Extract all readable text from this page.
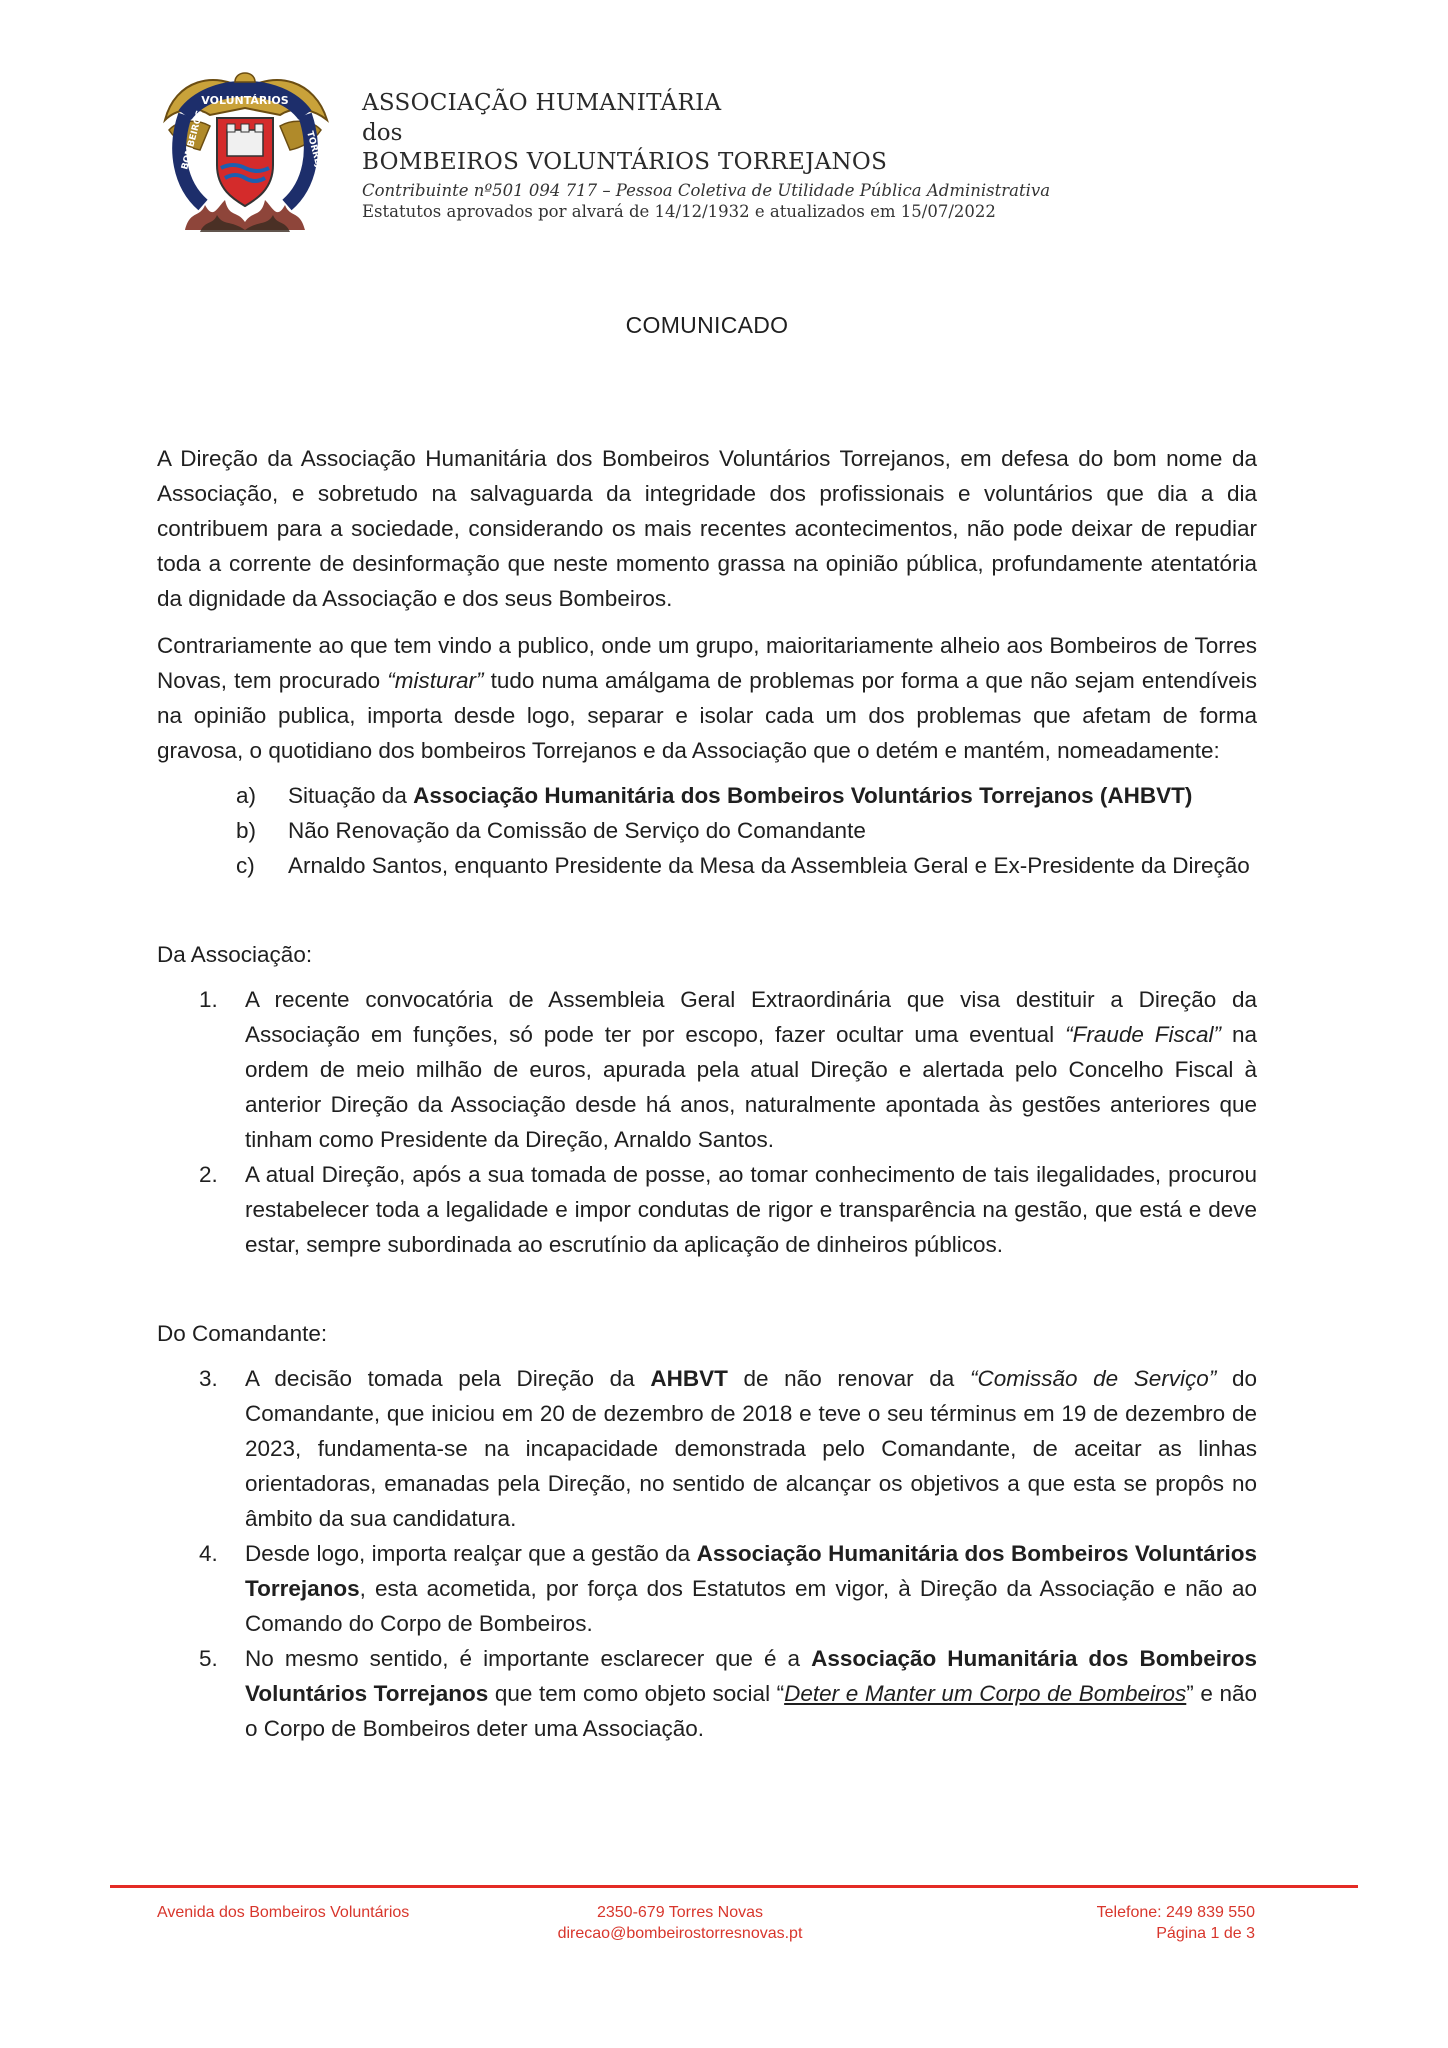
VOLUNTÁRIOS
BOMBEIROS	TORREJANOS
ASSOCIAÇÃO HUMANITÁRIA
dos
BOMBEIROS VOLUNTÁRIOS TORREJANOS
Contribuinte nº501 094 717 – Pessoa Coletiva de Utilidade Pública Administrativa
Estatutos aprovados por alvará de 14/12/1932 e atualizados em 15/07/2022
COMUNICADO

A Direção da Associação Humanitária dos Bombeiros Voluntários Torrejanos, em defesa do bom nome da Associação, e sobretudo na salvaguarda da integridade dos profissionais e voluntários que dia a dia contribuem para a sociedade, considerando os mais recentes acontecimentos, não pode deixar de repudiar toda a corrente de desinformação que neste momento grassa na opinião pública, profundamente atentatória da dignidade da Associação e dos seus Bombeiros.

Contrariamente ao que tem vindo a publico, onde um grupo, maioritariamente alheio aos Bombeiros de Torres Novas, tem procurado “misturar” tudo numa amálgama de problemas por forma a que não sejam entendíveis na opinião publica, importa desde logo, separar e isolar cada um dos problemas que afetam de forma gravosa, o quotidiano dos bombeiros Torrejanos e da Associação que o detém e mantém, nomeadamente:

a) Situação da Associação Humanitária dos Bombeiros Voluntários Torrejanos (AHBVT)
b) Não Renovação da Comissão de Serviço do Comandante
c) Arnaldo Santos, enquanto Presidente da Mesa da Assembleia Geral e Ex-Presidente da Direção
Da Associação:
1. A recente convocatória de Assembleia Geral Extraordinária que visa destituir a Direção da Associação em funções, só pode ter por escopo, fazer ocultar uma eventual “Fraude Fiscal” na ordem de meio milhão de euros, apurada pela atual Direção e alertada pelo Concelho Fiscal à anterior Direção da Associação desde há anos, naturalmente apontada às gestões anteriores que tinham como Presidente da Direção, Arnaldo Santos.
2. A atual Direção, após a sua tomada de posse, ao tomar conhecimento de tais ilegalidades, procurou restabelecer toda a legalidade e impor condutas de rigor e transparência na gestão, que está e deve estar, sempre subordinada ao escrutínio da aplicação de dinheiros públicos.
Do Comandante:
3. A decisão tomada pela Direção da AHBVT de não renovar da “Comissão de Serviço” do Comandante, que iniciou em 20 de dezembro de 2018 e teve o seu términus em 19 de dezembro de 2023, fundamenta-se na incapacidade demonstrada pelo Comandante, de aceitar as linhas orientadoras, emanadas pela Direção, no sentido de alcançar os objetivos a que esta se propôs no âmbito da sua candidatura.
4. Desde logo, importa realçar que a gestão da Associação Humanitária dos Bombeiros Voluntários Torrejanos, esta acometida, por força dos Estatutos em vigor, à Direção da Associação e não ao Comando do Corpo de Bombeiros.
5. No mesmo sentido, é importante esclarecer que é a Associação Humanitária dos Bombeiros Voluntários Torrejanos que tem como objeto social “Deter e Manter um Corpo de Bombeiros” e não o Corpo de Bombeiros deter uma Associação.
Avenida dos Bombeiros Voluntários	2350-679 Torres Novas
direcao@bombeirostorresnovas.pt
Telefone: 249 839 550
Página 1 de 3
